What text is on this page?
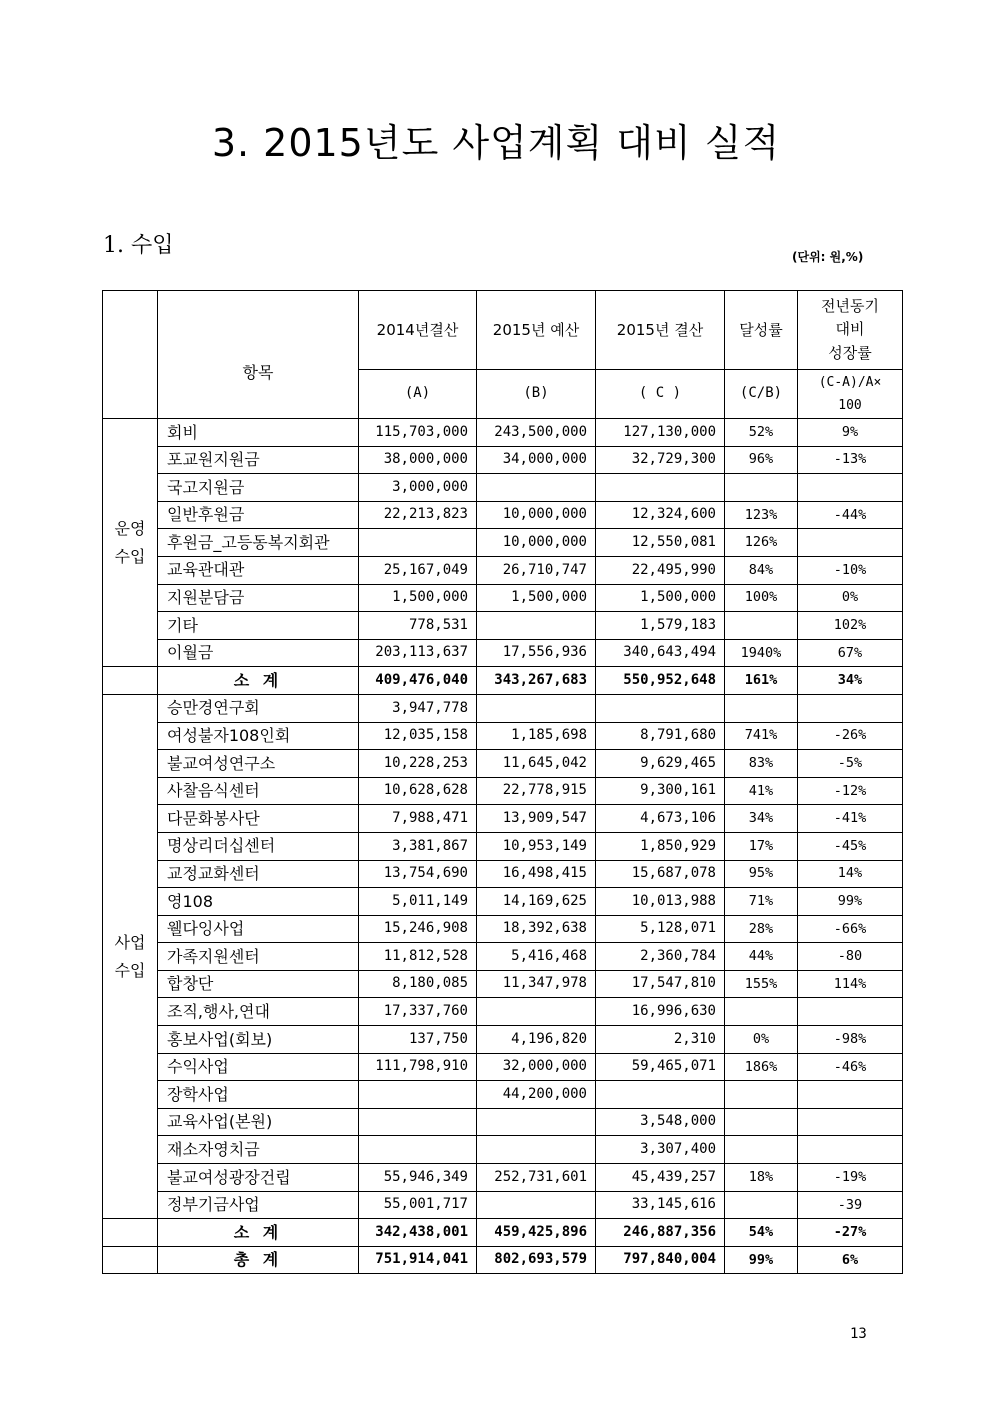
3. 2015년도 사업계획 대비 실적
1. 수입	(단위: 원,%)
	항목	2014년결산	2015년 예산	2015년 결산	달성률	전년동기
대비
성장률

		(A)	(B)	( C )	(C/B)	(C-A)/A×
100

운영
수입	회비	115,703,000	243,500,000	127,130,000	52%	9%
	포교원지원금	38,000,000	34,000,000	32,729,300	96%	-13%
	국고지원금	3,000,000				
	일반후원금	22,213,823	10,000,000	12,324,600	123%	-44%
	후원금_고등동복지회관		10,000,000	12,550,081	126%	
	교육관대관	25,167,049	26,710,747	22,495,990	84%	-10%
	지원분담금	1,500,000	1,500,000	1,500,000	100%	0%
	기타	778,531		1,579,183		102%
	이월금	203,113,637	17,556,936	340,643,494	1940%	67%
	소 계	409,476,040	343,267,683	550,952,648	161%	34%

사업
수입	승만경연구회	3,947,778				
	여성불자108인회	12,035,158	1,185,698	8,791,680	741%	-26%
	불교여성연구소	10,228,253	11,645,042	9,629,465	83%	-5%
	사찰음식센터	10,628,628	22,778,915	9,300,161	41%	-12%
	다문화봉사단	7,988,471	13,909,547	4,673,106	34%	-41%
	명상리더십센터	3,381,867	10,953,149	1,850,929	17%	-45%
	교정교화센터	13,754,690	16,498,415	15,687,078	95%	14%
	영108	5,011,149	14,169,625	10,013,988	71%	99%
	웰다잉사업	15,246,908	18,392,638	5,128,071	28%	-66%
	가족지원센터	11,812,528	5,416,468	2,360,784	44%	-80
	합창단	8,180,085	11,347,978	17,547,810	155%	114%
	조직,행사,연대	17,337,760		16,996,630		
	홍보사업(회보)	137,750	4,196,820	2,310	0%	-98%
	수익사업	111,798,910	32,000,000	59,465,071	186%	-46%
	장학사업		44,200,000			
	교육사업(본원)			3,548,000		
	재소자영치금			3,307,400		
	불교여성광장건립	55,946,349	252,731,601	45,439,257	18%	-19%
	정부기금사업	55,001,717		33,145,616		-39
	소 계	342,438,001	459,425,896	246,887,356	54%	-27%
	총 계	751,914,041	802,693,579	797,840,004	99%	6%
13
